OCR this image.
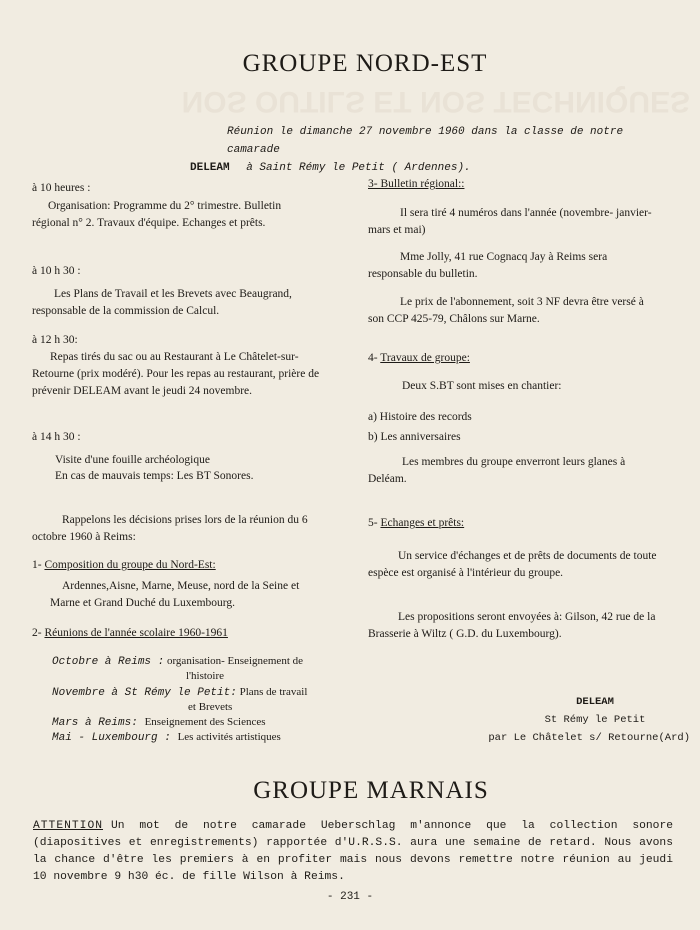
NOS OUTILS ET NOS TECHNIQUES
GROUPE NORD-EST
Réunion le dimanche 27 novembre 1960 dans la classe de notre camarade
DELEAM à Saint Rémy le Petit ( Ardennes).
à 10 heures :

Organisation: Programme du 2° trimestre. Bulletin régional n° 2. Travaux d'équipe. Echanges et prêts.

à 10 h 30 :

Les Plans de Travail et les Brevets avec Beaugrand, responsable de la commission de Calcul.

à 12 h 30:

Repas tirés du sac ou au Restaurant à Le Châtelet-sur-Retourne (prix modéré). Pour les repas au restaurant, prière de prévenir DELEAM avant le jeudi 24 novembre.

à 14 h 30 :
Visite d'une fouille archéologique
En cas de mauvais temps: Les BT Sonores.

Rappelons les décisions prises lors de la réunion du 6 octobre 1960 à Reims:

1- Composition du groupe du Nord-Est:

Ardennes,Aisne, Marne, Meuse, nord de la Seine et Marne et Grand Duché du Luxembourg.

2- Réunions de l'année scolaire 1960-1961
Octobre à Reims : organisation- Enseignement de
l'histoire
Novembre à St Rémy le Petit: Plans de travail
et Brevets
Mars à Reims: Enseignement des Sciences
Mai - Luxembourg : Les activités artistiques
3- Bulletin régional::

Il sera tiré 4 numéros dans l'année (novembre- janvier-mars et mai)

Mme Jolly, 41 rue Cognacq Jay à Reims sera responsable du bulletin.

Le prix de l'abonnement, soit 3 NF devra être versé à son CCP 425-79, Châlons sur Marne.

4- Travaux de groupe:
Deux S.BT sont mises en chantier:
a) Histoire des records
b) Les anniversaires

Les membres du groupe enverront leurs glanes à Deléam.

5- Echanges et prêts:

Un service d'échanges et de prêts de documents de toute espèce est organisé à l'intérieur du groupe.

Les propositions seront envoyées à: Gilson, 42 rue de la Brasserie à Wiltz ( G.D. du Luxembourg).

DELEAM
St Rémy le Petit
par Le Châtelet s/ Retourne(Ard)
GROUPE MARNAIS
ATTENTION Un mot de notre camarade Ueberschlag m'annonce que la collection sonore (diapositives et enregistrements) rapportée d'U.R.S.S. aura une semaine de retard. Nous avons la chance d'être les premiers à en profiter mais nous devons remettre notre réunion au jeudi 10 novembre 9 h30 éc. de fille Wilson à Reims.
- 231 -
